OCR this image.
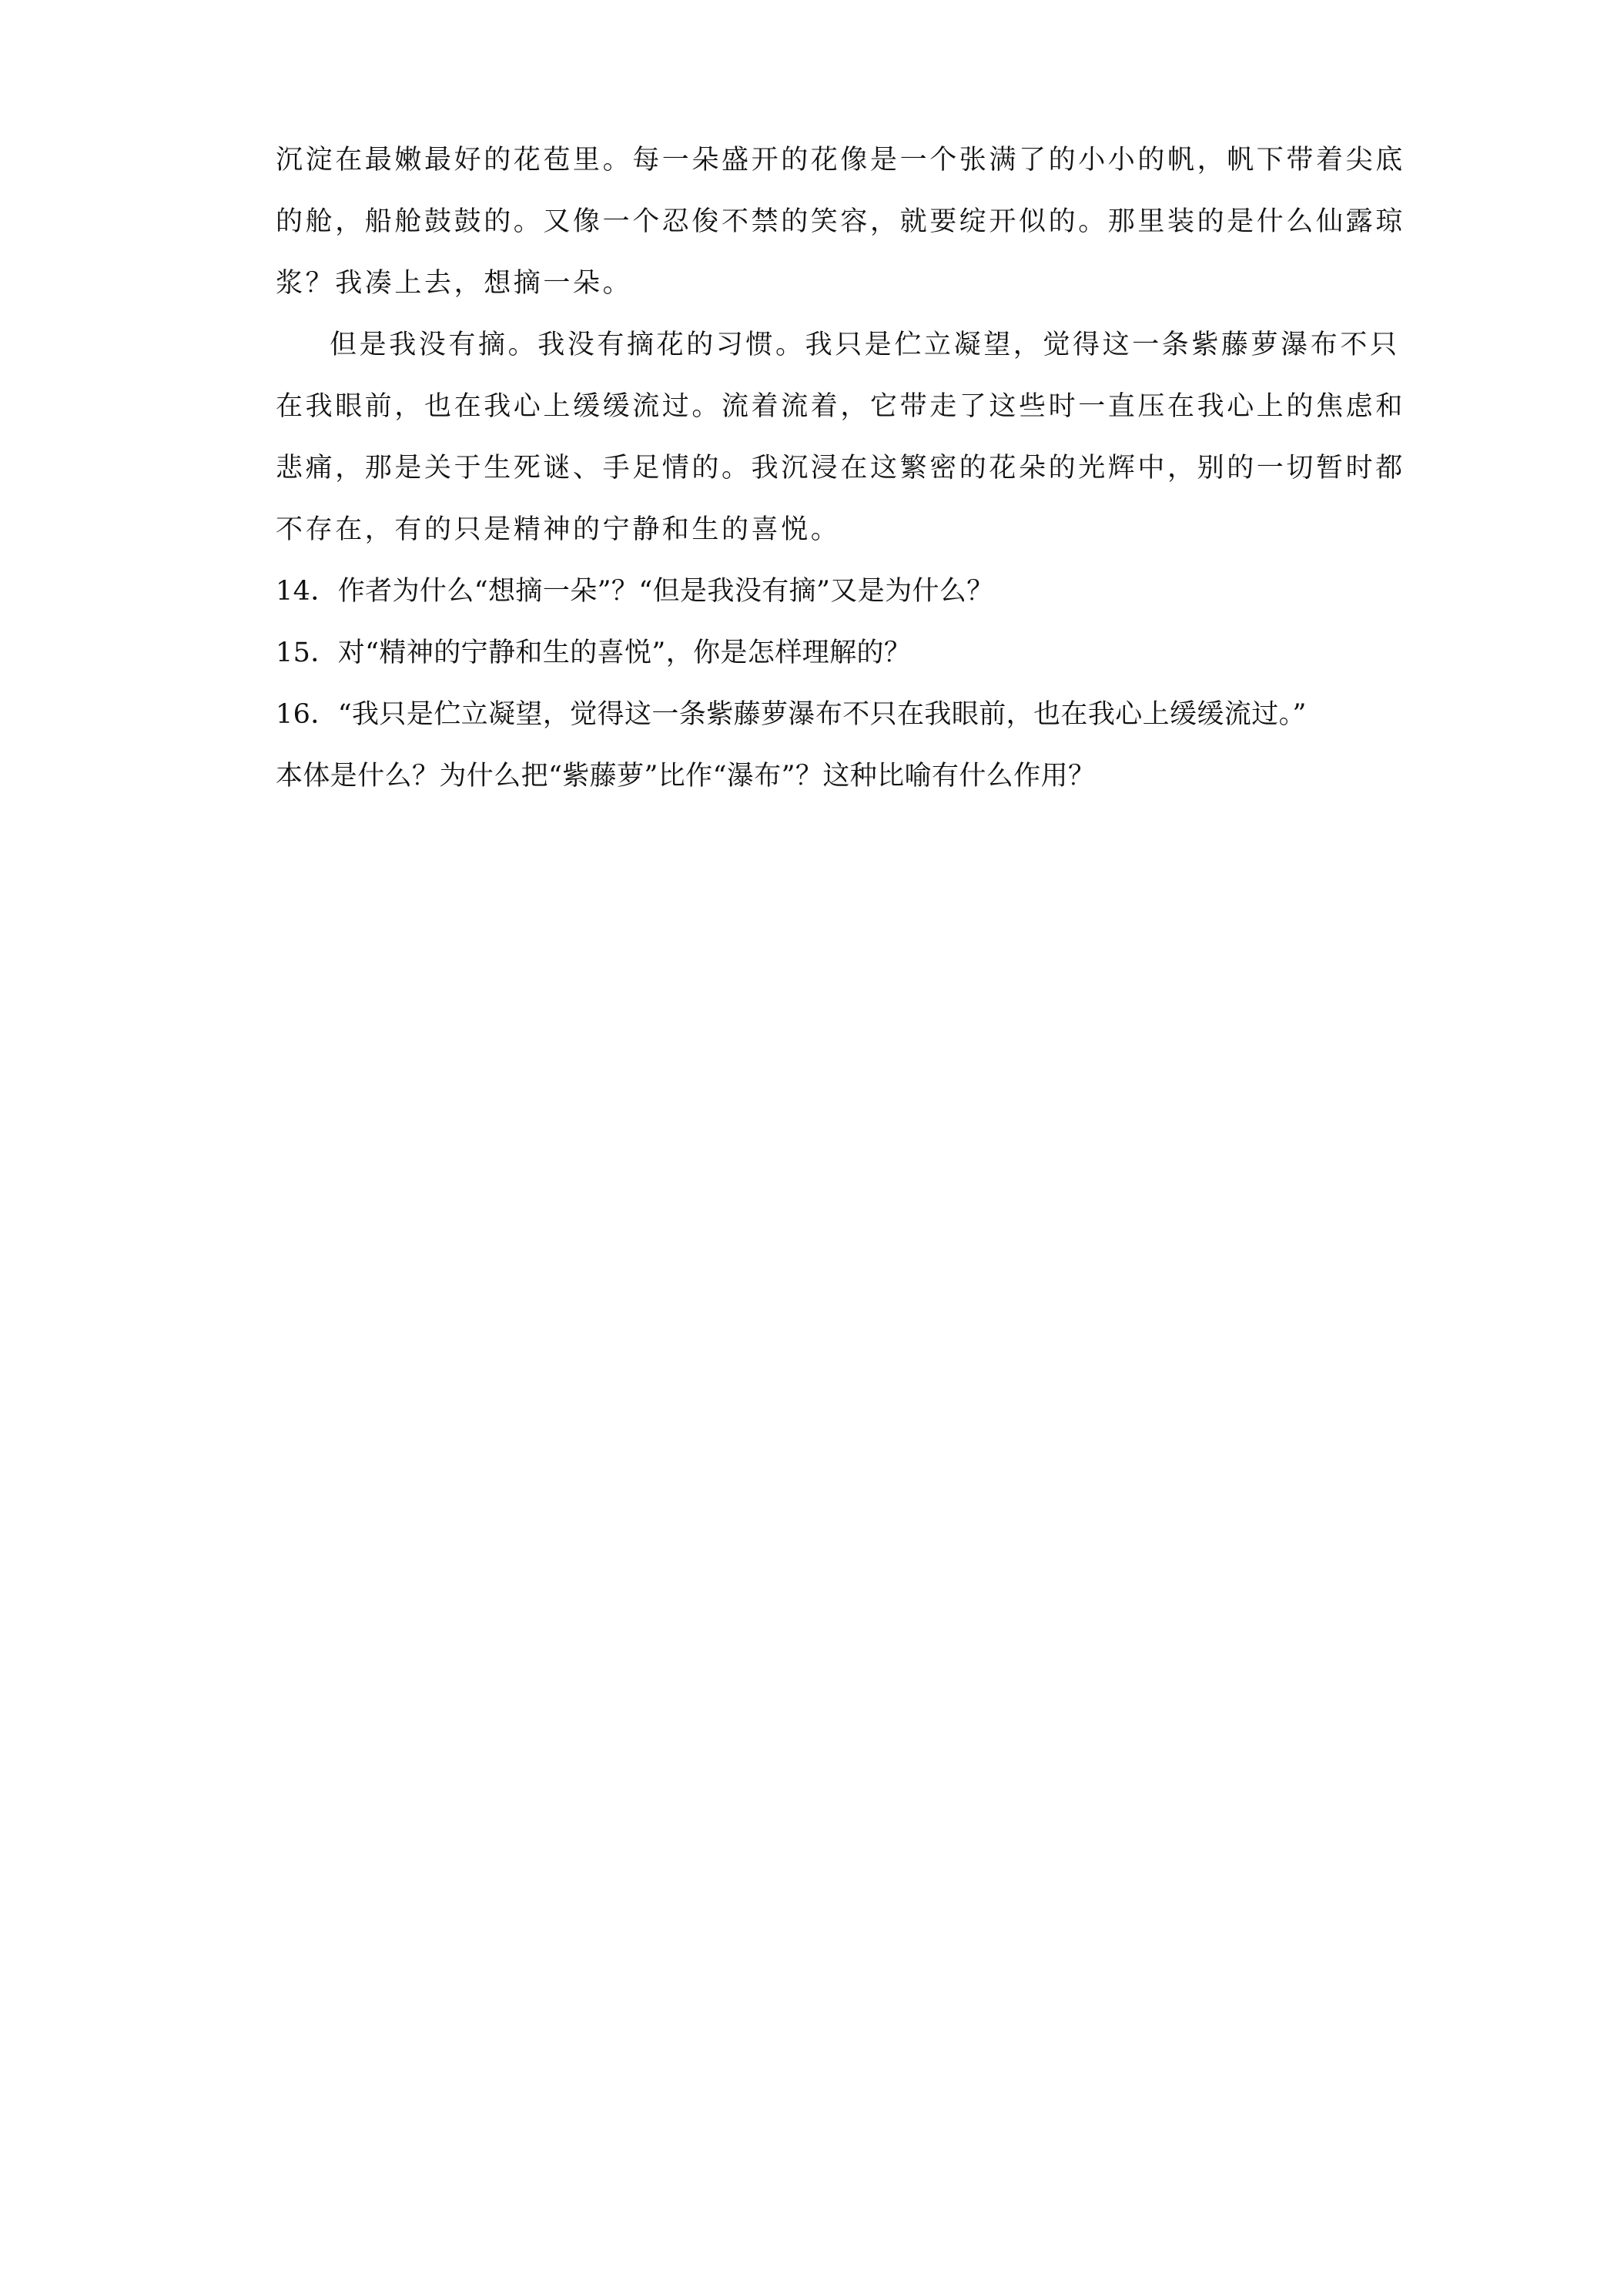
沉淀在最嫩最好的花苞里。每一朵盛开的花像是一个张满了的小小的帆，帆下带着尖底
的舱，船舱鼓鼓的。又像一个忍俊不禁的笑容，就要绽开似的。那里装的是什么仙露琼
浆？我凑上去，想摘一朵。
但是我没有摘。我没有摘花的习惯。我只是伫立凝望，觉得这一条紫藤萝瀑布不只
在我眼前，也在我心上缓缓流过。流着流着，它带走了这些时一直压在我心上的焦虑和
悲痛，那是关于生死谜、手足情的。我沉浸在这繁密的花朵的光辉中，别的一切暂时都
不存在，有的只是精神的宁静和生的喜悦。
14．作者为什么“想摘一朵”？“但是我没有摘”又是为什么？
15．对“精神的宁静和生的喜悦”，你是怎样理解的？
16．“我只是伫立凝望，觉得这一条紫藤萝瀑布不只在我眼前，也在我心上缓缓流过。”
本体是什么？为什么把“紫藤萝”比作“瀑布”？这种比喻有什么作用？
